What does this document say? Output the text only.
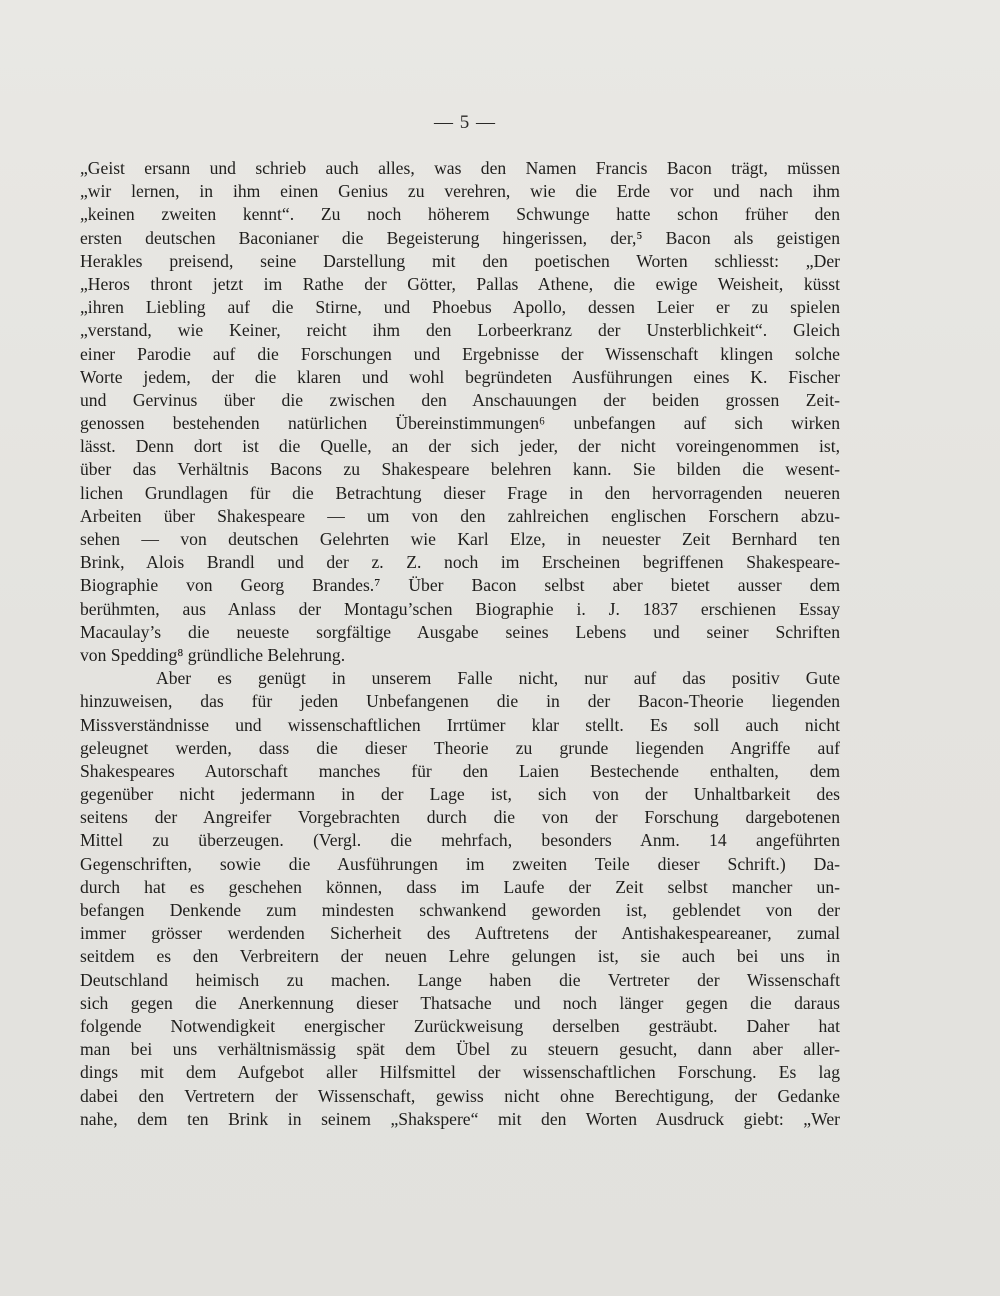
— 5 —
„Geist ersann und schrieb auch alles, was den Namen Francis Bacon trägt, müssen
„wir lernen, in ihm einen Genius zu verehren, wie die Erde vor und nach ihm
„keinen zweiten kennt“. Zu noch höherem Schwunge hatte schon früher den
ersten deutschen Baconianer die Begeisterung hingerissen, der,⁵ Bacon als geistigen
Herakles preisend, seine Darstellung mit den poetischen Worten schliesst: „Der
„Heros thront jetzt im Rathe der Götter, Pallas Athene, die ewige Weisheit, küsst
„ihren Liebling auf die Stirne, und Phoebus Apollo, dessen Leier er zu spielen
„verstand, wie Keiner, reicht ihm den Lorbeerkranz der Unsterblichkeit“. Gleich
einer Parodie auf die Forschungen und Ergebnisse der Wissenschaft klingen solche
Worte jedem, der die klaren und wohl begründeten Ausführungen eines K. Fischer
und Gervinus über die zwischen den Anschauungen der beiden grossen Zeit-
genossen bestehenden natürlichen Übereinstimmungen⁶ unbefangen auf sich wirken
lässt. Denn dort ist die Quelle, an der sich jeder, der nicht voreingenommen ist,
über das Verhältnis Bacons zu Shakespeare belehren kann. Sie bilden die wesent-
lichen Grundlagen für die Betrachtung dieser Frage in den hervorragenden neueren
Arbeiten über Shakespeare — um von den zahlreichen englischen Forschern abzu-
sehen — von deutschen Gelehrten wie Karl Elze, in neuester Zeit Bernhard ten
Brink, Alois Brandl und der z. Z. noch im Erscheinen begriffenen Shakespeare-
Biographie von Georg Brandes.⁷ Über Bacon selbst aber bietet ausser dem
berühmten, aus Anlass der Montagu’schen Biographie i. J. 1837 erschienen Essay
Macaulay’s die neueste sorgfältige Ausgabe seines Lebens und seiner Schriften
von Spedding⁸ gründliche Belehrung.
Aber es genügt in unserem Falle nicht, nur auf das positiv Gute
hinzuweisen, das für jeden Unbefangenen die in der Bacon-Theorie liegenden
Missverständnisse und wissenschaftlichen Irrtümer klar stellt. Es soll auch nicht
geleugnet werden, dass die dieser Theorie zu grunde liegenden Angriffe auf
Shakespeares Autorschaft manches für den Laien Bestechende enthalten, dem
gegenüber nicht jedermann in der Lage ist, sich von der Unhaltbarkeit des
seitens der Angreifer Vorgebrachten durch die von der Forschung dargebotenen
Mittel zu überzeugen. (Vergl. die mehrfach, besonders Anm. 14 angeführten
Gegenschriften, sowie die Ausführungen im zweiten Teile dieser Schrift.) Da-
durch hat es geschehen können, dass im Laufe der Zeit selbst mancher un-
befangen Denkende zum mindesten schwankend geworden ist, geblendet von der
immer grösser werdenden Sicherheit des Auftretens der Antishakespeareaner, zumal
seitdem es den Verbreitern der neuen Lehre gelungen ist, sie auch bei uns in
Deutschland heimisch zu machen. Lange haben die Vertreter der Wissenschaft
sich gegen die Anerkennung dieser Thatsache und noch länger gegen die daraus
folgende Notwendigkeit energischer Zurückweisung derselben gesträubt. Daher hat
man bei uns verhältnismässig spät dem Übel zu steuern gesucht, dann aber aller-
dings mit dem Aufgebot aller Hilfsmittel der wissenschaftlichen Forschung. Es lag
dabei den Vertretern der Wissenschaft, gewiss nicht ohne Berechtigung, der Gedanke
nahe, dem ten Brink in seinem „Shakspere“ mit den Worten Ausdruck giebt: „Wer
